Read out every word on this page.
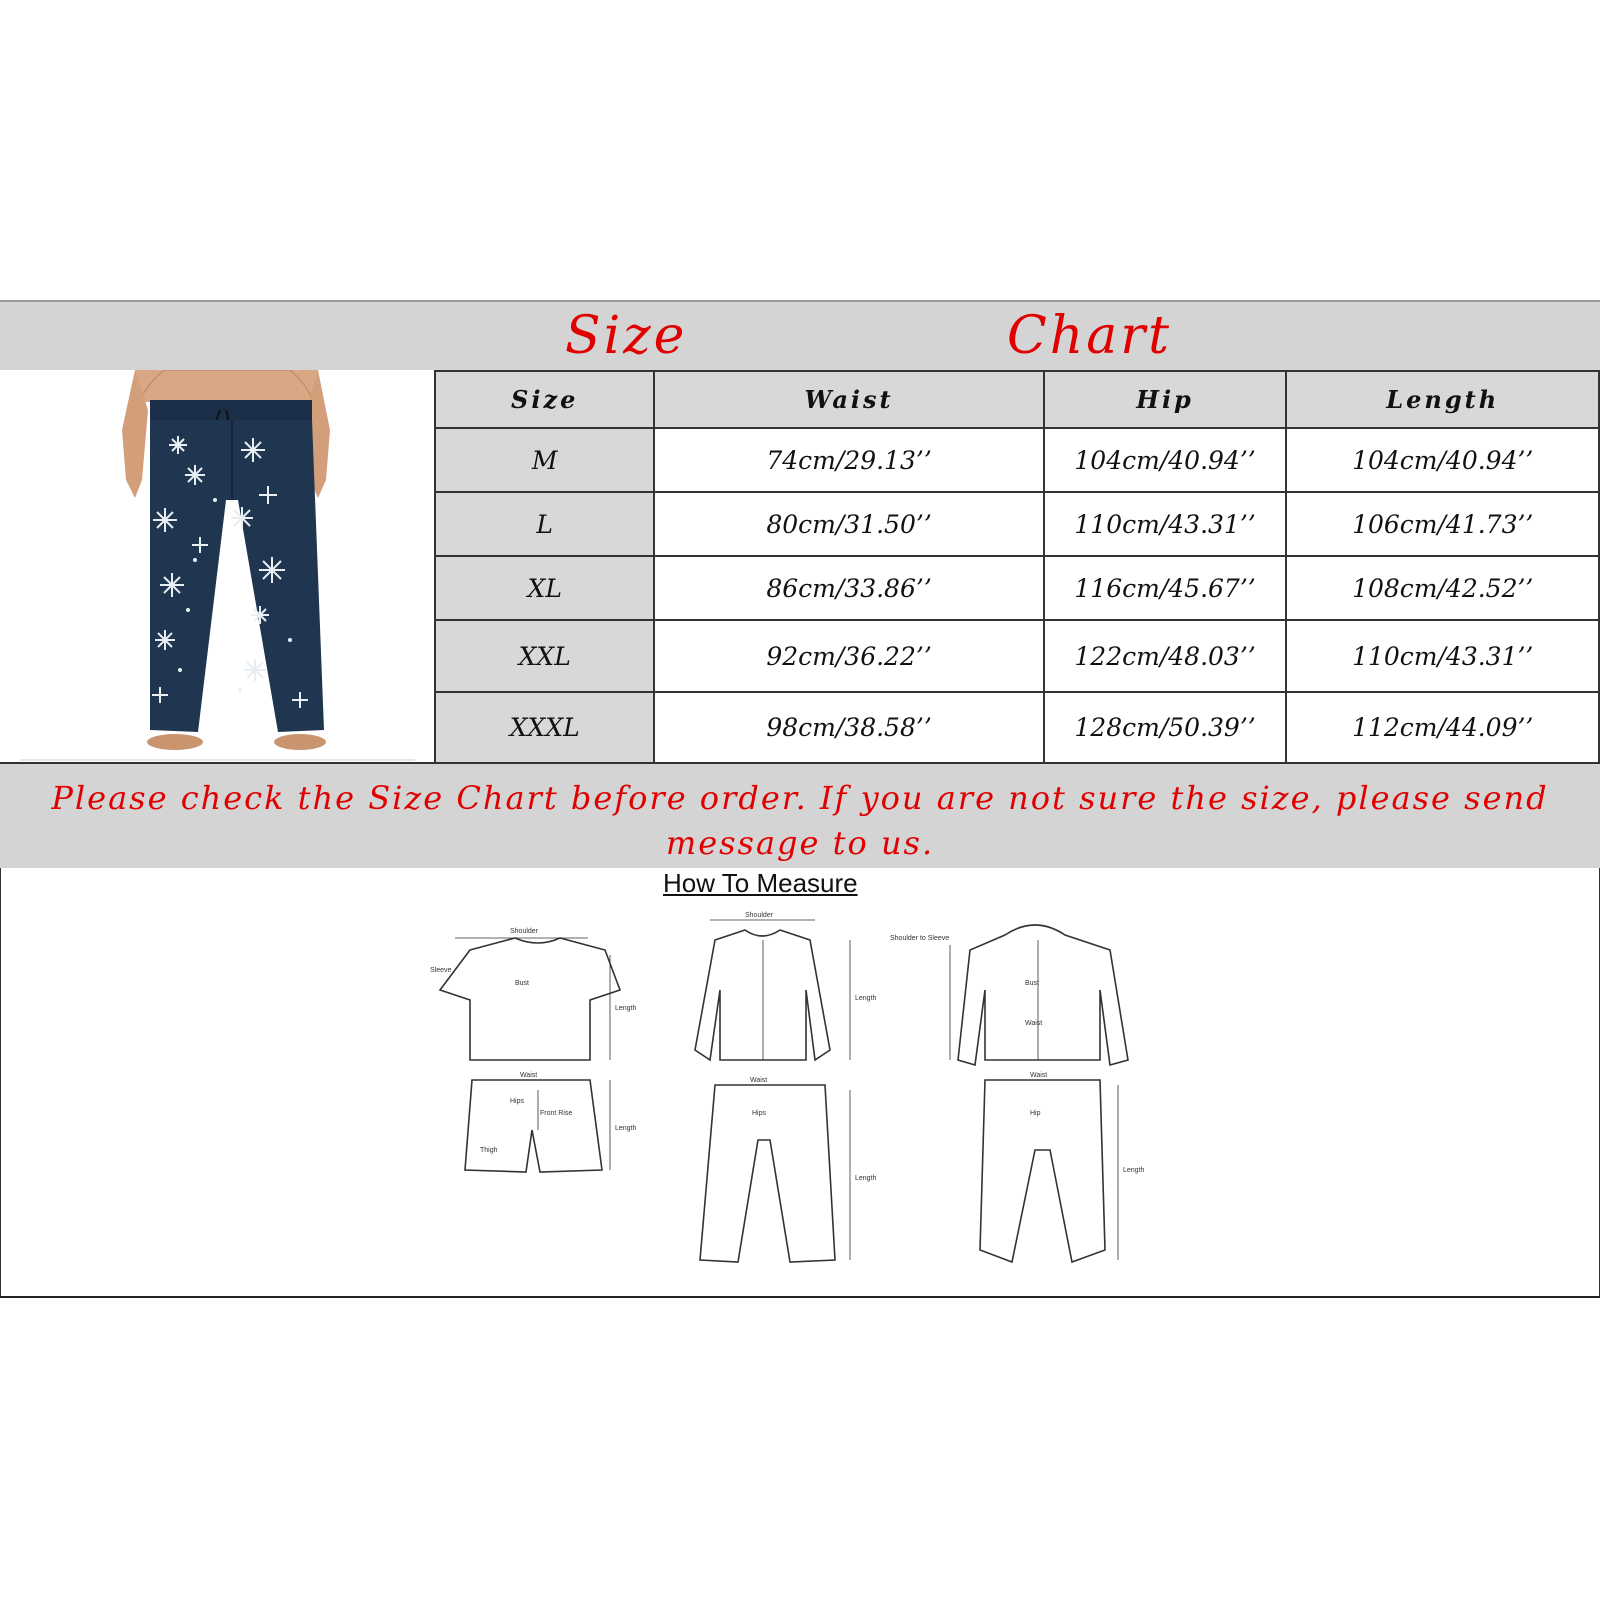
Size	Chart
Size	Waist	Hip	Length
M	74cm/29.13’’	104cm/40.94’’	104cm/40.94’’
L	80cm/31.50’’	110cm/43.31’’	106cm/41.73’’
XL	86cm/33.86’’	116cm/45.67’’	108cm/42.52’’
XXL	92cm/36.22’’	122cm/48.03’’	110cm/43.31’’
XXXL	98cm/38.58’’	128cm/50.39’’	112cm/44.09’’
Please check the Size Chart before order. If you are not sure the size, please send message to us.
How To Measure
Shoulder
Sleeve
Bust
Length
Waist
Hips
Front Rise
Thigh
Length
Shoulder
Length
Waist
Hips
Length
Bust
Waist
Shoulder to Sleeve
Waist
Hip
Length
